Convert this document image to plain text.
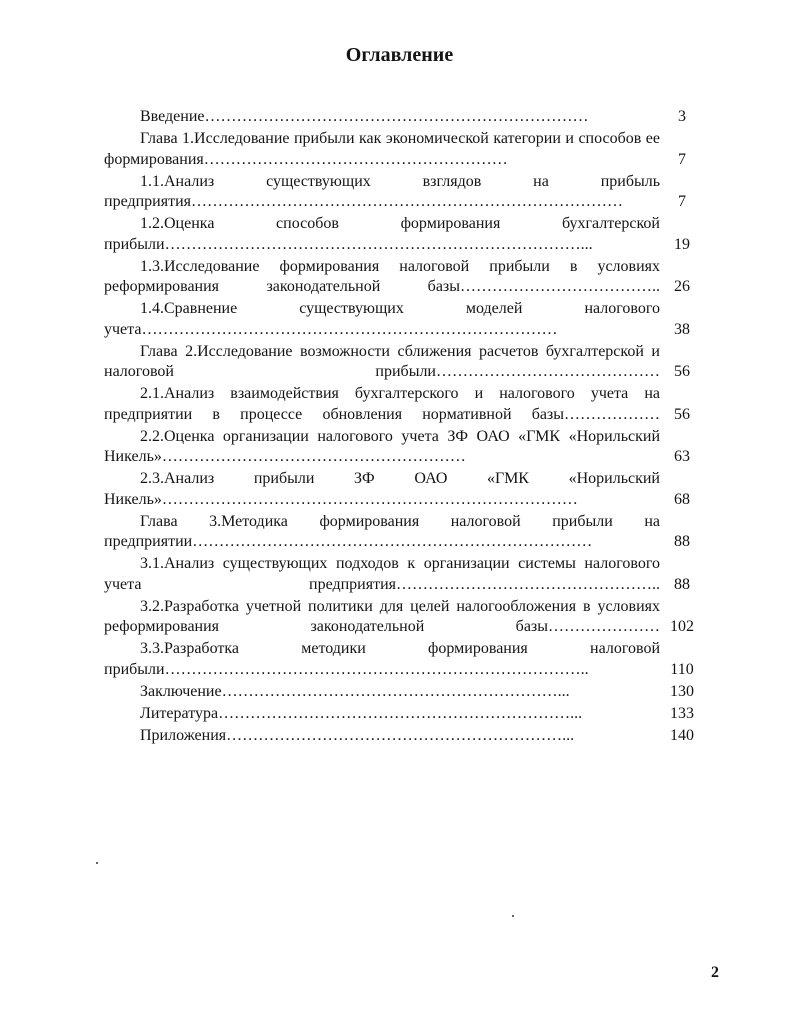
Оглавление
Введение………………………………………………………………	3
Глава 1.Исследование прибыли как экономической категории и способов ее формирования…………………………………………………	7
1.1.Анализ существующих взглядов на прибыль предприятия………………………………………………………………………	7
1.2.Оценка способов формирования бухгалтерской прибыли……………………………………………………………………...	19
1.3.Исследование формирования налоговой прибыли в условиях реформирования законодательной базы………………………………..	26
1.4.Сравнение существующих моделей налогового учета……………………………………………………………………	38
Глава 2.Исследование возможности сближения расчетов бухгалтерской и налоговой прибыли……………………………………	56
2.1.Анализ взаимодействия бухгалтерского и налогового учета на предприятии в процессе обновления нормативной базы………………	56
2.2.Оценка организации налогового учета ЗФ ОАО «ГМК «Норильский Никель»…………………………………………………	63
2.3.Анализ прибыли ЗФ ОАО «ГМК «Норильский Никель»……………………………………………………………………	68
Глава 3.Методика формирования налоговой прибыли на предприятии…………………………………………………………………	88
3.1.Анализ существующих подходов к организации системы налогового учета предприятия…………………………………………..	88
3.2.Разработка учетной политики для целей налогообложения в условиях реформирования законодательной базы…………………	102
3.3.Разработка методики формирования налоговой прибыли……………………………………………………………………..	110
Заключение………………………………………………………...	130
Литература…………………………………………………………...	133
Приложения………………………………………………………...	140
2
